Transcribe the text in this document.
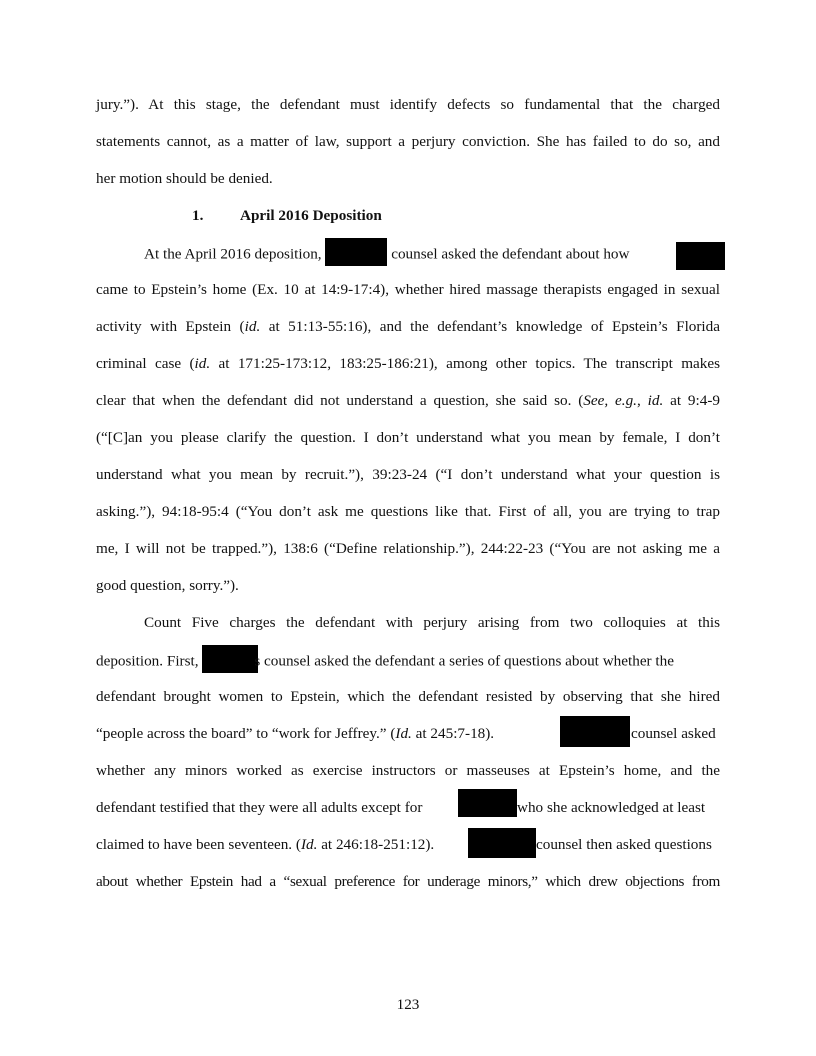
jury.”). At this stage, the defendant must identify defects so fundamental that the charged
statements cannot, as a matter of law, support a perjury conviction. She has failed to do so, and
her motion should be denied.
1. April 2016 Deposition
At the April 2016 deposition,	counsel asked the defendant about how
came to Epstein’s home (Ex. 10 at 14:9-17:4), whether hired massage therapists engaged in sexual
activity with Epstein (id. at 51:13-55:16), and the defendant’s knowledge of Epstein’s Florida
criminal case (id. at 171:25-173:12, 183:25-186:21), among other topics. The transcript makes
clear that when the defendant did not understand a question, she said so. (See, e.g., id. at 9:4-9
(“[C]an you please clarify the question. I don’t understand what you mean by female, I don’t
understand what you mean by recruit.”), 39:23-24 (“I don’t understand what your question is
asking.”), 94:18-95:4 (“You don’t ask me questions like that. First of all, you are trying to trap
me, I will not be trapped.”), 138:6 (“Define relationship.”), 244:22-23 (“You are not asking me a
good question, sorry.”).
Count Five charges the defendant with perjury arising from two colloquies at this
deposition. First,	s counsel asked the defendant a series of questions about whether the
defendant brought women to Epstein, which the defendant resisted by observing that she hired
“people across the board” to “work for Jeffrey.” (Id. at 245:7-18).	counsel asked
whether any minors worked as exercise instructors or masseuses at Epstein’s home, and the
defendant testified that they were all adults except for	who she acknowledged at least
claimed to have been seventeen. (Id. at 246:18-251:12).	counsel then asked questions
about whether Epstein had a “sexual preference for underage minors,” which drew objections from
123
